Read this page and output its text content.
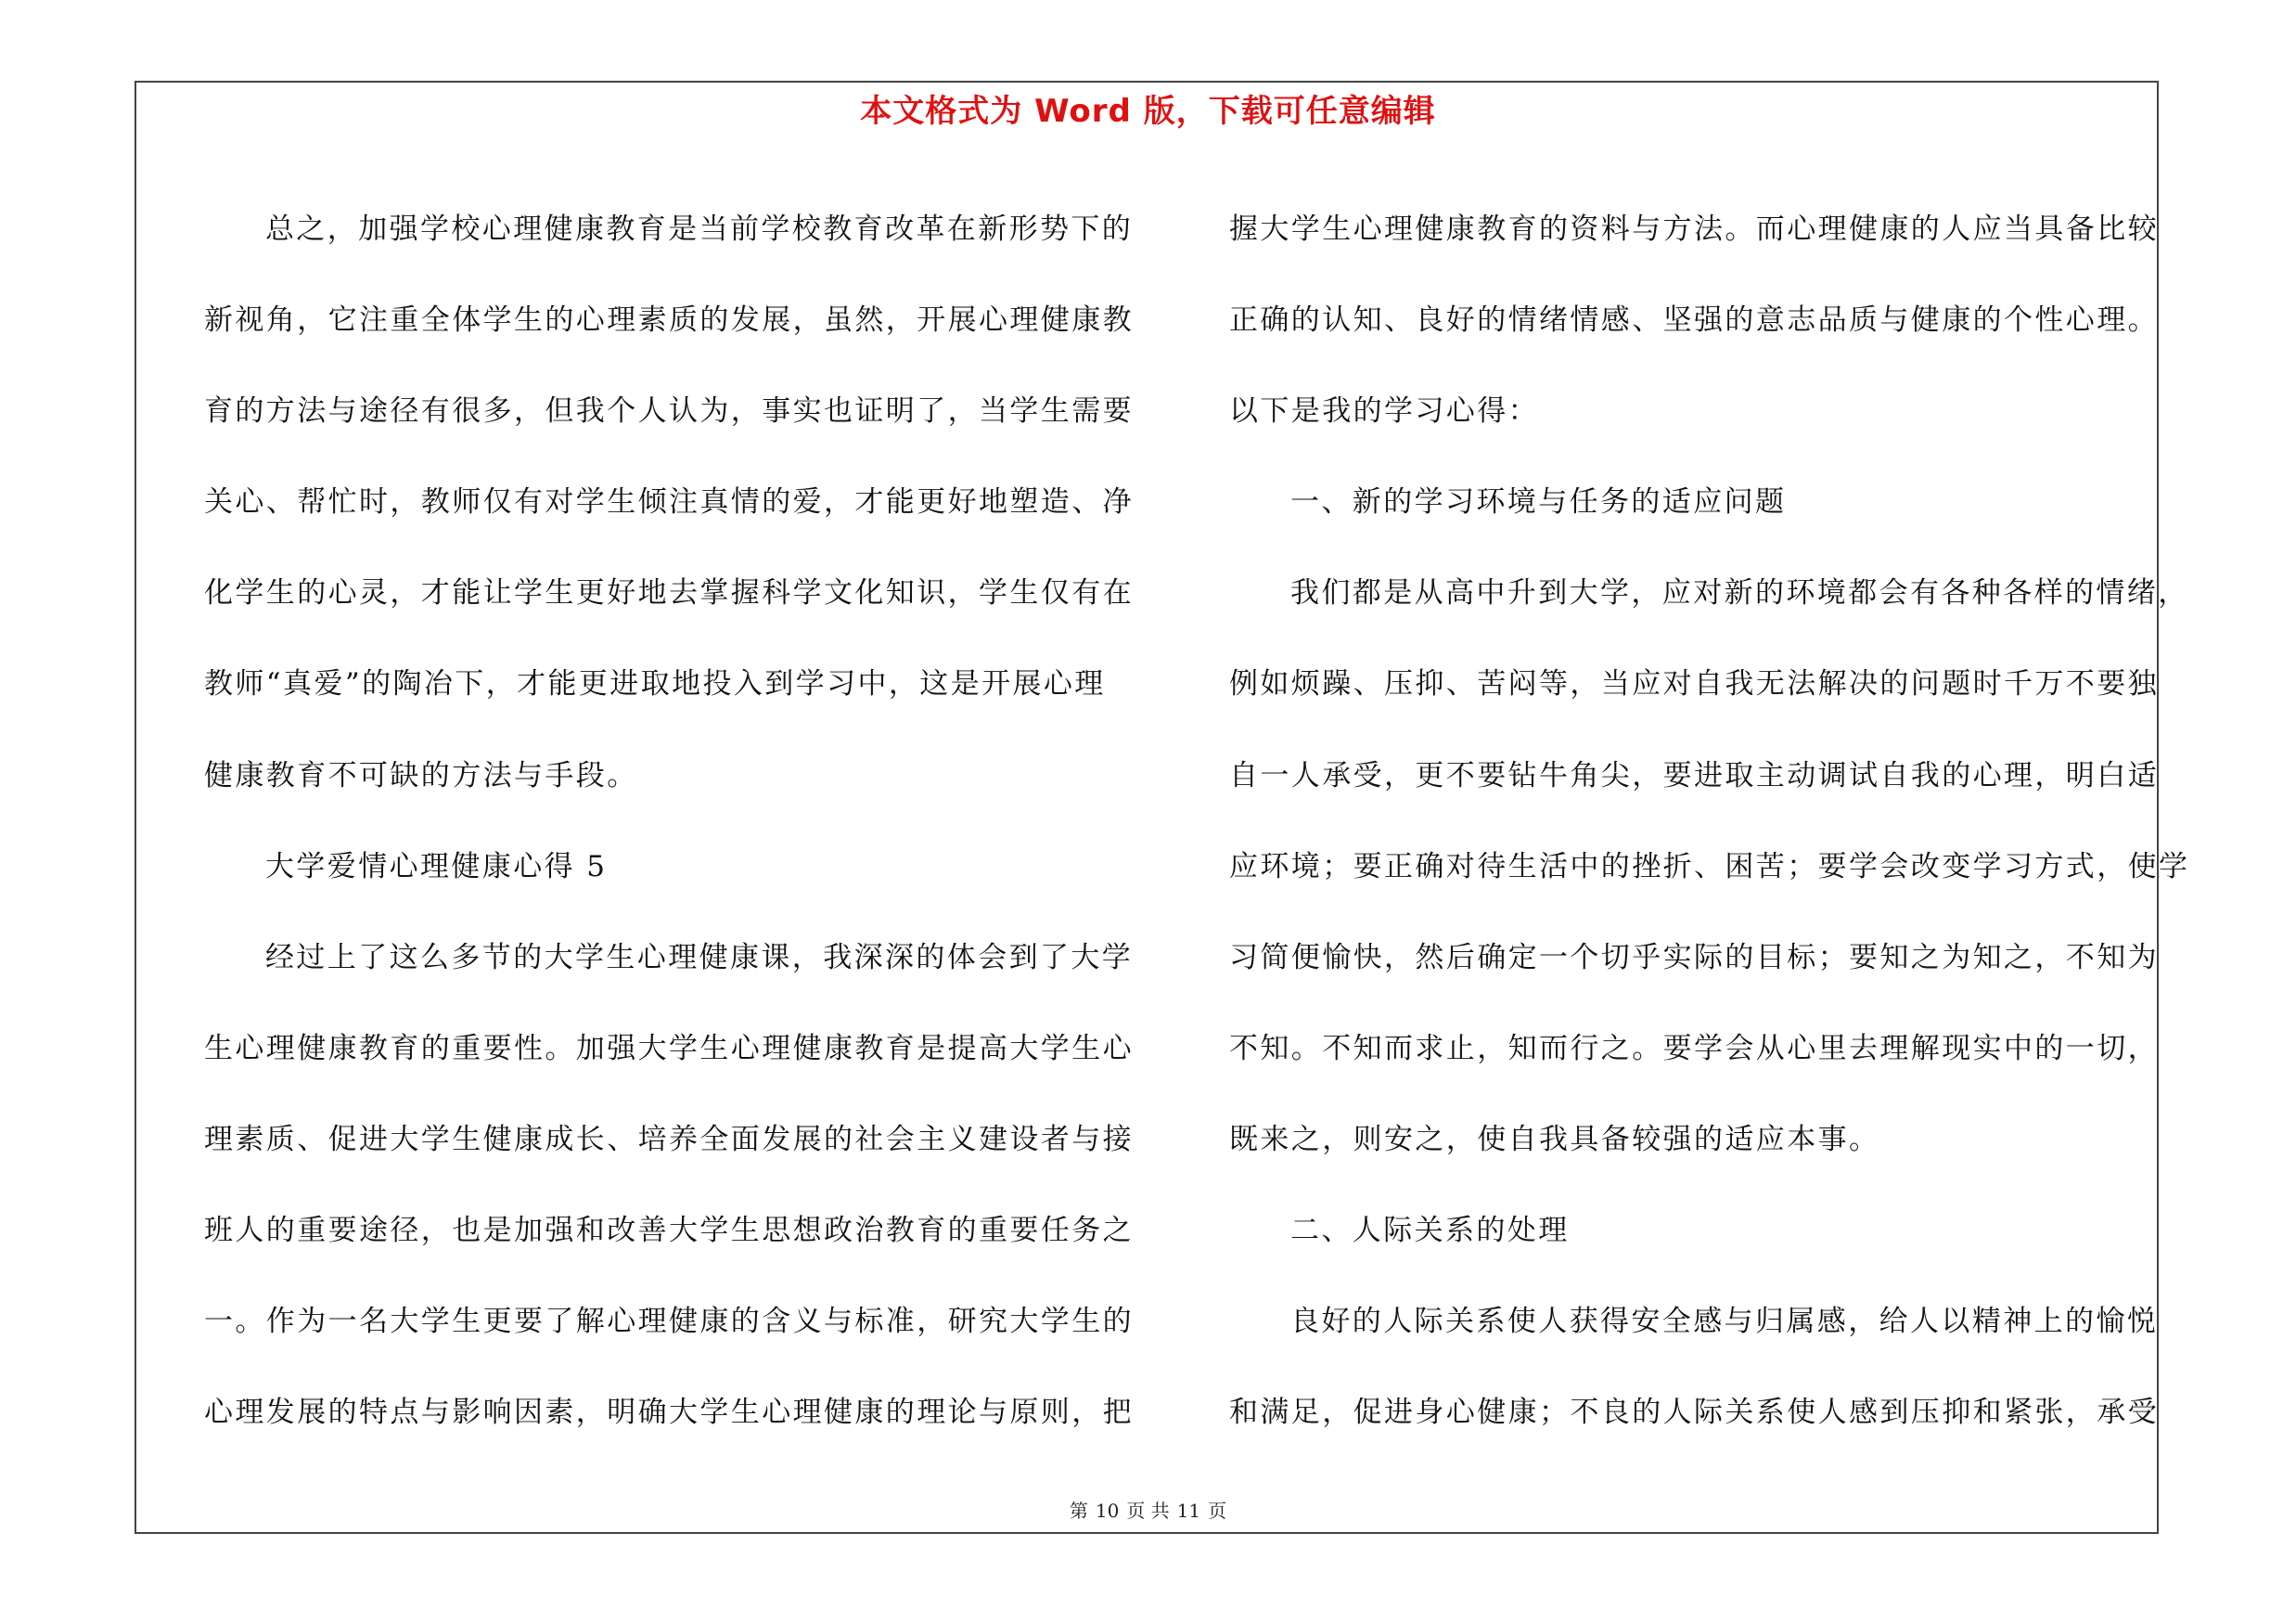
本文格式为 Word 版，下载可任意编辑
总之，加强学校心理健康教育是当前学校教育改革在新形势下的
新视角，它注重全体学生的心理素质的发展，虽然，开展心理健康教
育的方法与途径有很多，但我个人认为，事实也证明了，当学生需要
关心、帮忙时，教师仅有对学生倾注真情的爱，才能更好地塑造、净
化学生的心灵，才能让学生更好地去掌握科学文化知识，学生仅有在
教师“真爱”的陶冶下，才能更进取地投入到学习中，这是开展心理
健康教育不可缺的方法与手段。
大学爱情心理健康心得 5
经过上了这么多节的大学生心理健康课，我深深的体会到了大学
生心理健康教育的重要性。加强大学生心理健康教育是提高大学生心
理素质、促进大学生健康成长、培养全面发展的社会主义建设者与接
班人的重要途径，也是加强和改善大学生思想政治教育的重要任务之
一。作为一名大学生更要了解心理健康的含义与标准，研究大学生的
心理发展的特点与影响因素，明确大学生心理健康的理论与原则，把
握大学生心理健康教育的资料与方法。而心理健康的人应当具备比较
正确的认知、良好的情绪情感、坚强的意志品质与健康的个性心理。
以下是我的学习心得：
一、新的学习环境与任务的适应问题
我们都是从高中升到大学，应对新的环境都会有各种各样的情绪，
例如烦躁、压抑、苦闷等，当应对自我无法解决的问题时千万不要独
自一人承受，更不要钻牛角尖，要进取主动调试自我的心理，明白适
应环境；要正确对待生活中的挫折、困苦；要学会改变学习方式，使学
习简便愉快，然后确定一个切乎实际的目标；要知之为知之，不知为
不知。不知而求止，知而行之。要学会从心里去理解现实中的一切，
既来之，则安之，使自我具备较强的适应本事。
二、人际关系的处理
良好的人际关系使人获得安全感与归属感，给人以精神上的愉悦
和满足，促进身心健康；不良的人际关系使人感到压抑和紧张，承受
第 10 页 共 11 页
